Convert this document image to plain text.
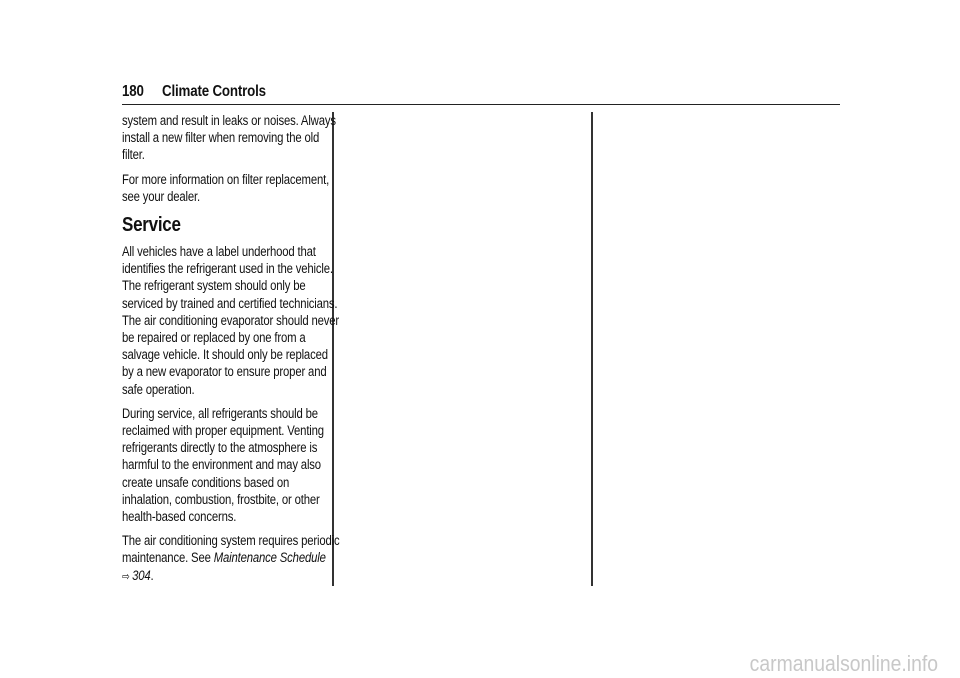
180 Climate Controls
system and result in leaks or noises. Always
install a new filter when removing the old
filter.
For more information on filter replacement,
see your dealer.
Service
All vehicles have a label underhood that
identifies the refrigerant used in the vehicle.
The refrigerant system should only be
serviced by trained and certified technicians.
The air conditioning evaporator should never
be repaired or replaced by one from a
salvage vehicle. It should only be replaced
by a new evaporator to ensure proper and
safe operation.
During service, all refrigerants should be
reclaimed with proper equipment. Venting
refrigerants directly to the atmosphere is
harmful to the environment and may also
create unsafe conditions based on
inhalation, combustion, frostbite, or other
health-based concerns.
The air conditioning system requires periodic
maintenance. See Maintenance Schedule
⇨ 304.
carmanualsonline.info
